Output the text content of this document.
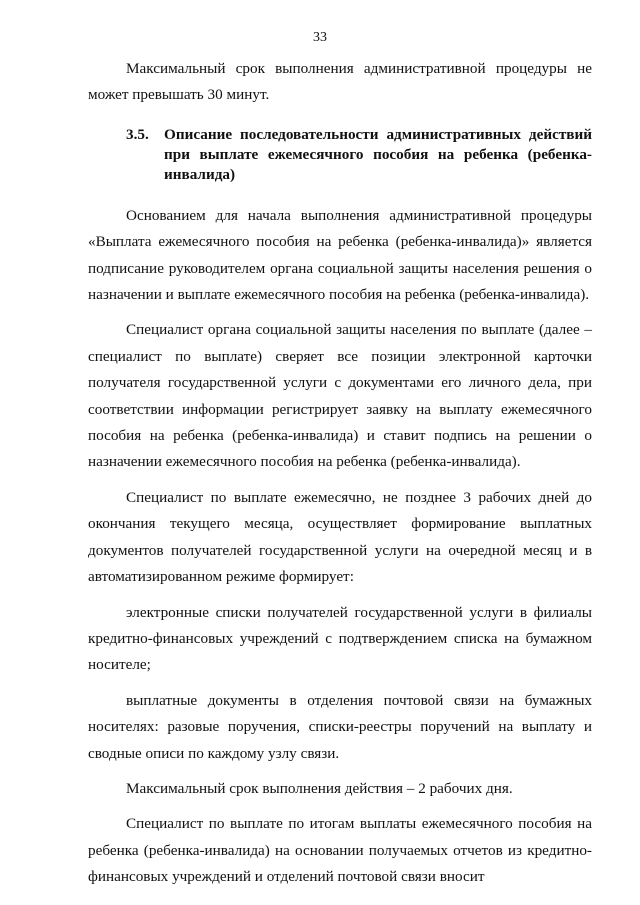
33

Максимальный срок выполнения административной процедуры не может превышать 30 минут.

3.5.	Описание последовательности административных действий при выплате ежемесячного пособия на ребенка (ребенка-инвалида)

Основанием для начала выполнения административной процедуры «Выплата ежемесячного пособия на ребенка (ребенка-инвалида)» является подписание руководителем органа социальной защиты населения решения о назначении и выплате ежемесячного пособия на ребенка (ребенка-инвалида).

Специалист органа социальной защиты населения по выплате (далее – специалист по выплате) сверяет все позиции электронной карточки получателя государственной услуги с документами его личного дела, при соответствии информации регистрирует заявку на выплату ежемесячного пособия на ребенка (ребенка-инвалида) и ставит подпись на решении о назначении ежемесячного пособия на ребенка (ребенка-инвалида).

Специалист по выплате ежемесячно, не позднее 3 рабочих дней до окончания текущего месяца, осуществляет формирование выплатных документов получателей государственной услуги на очередной месяц и в автоматизированном режиме формирует:

электронные списки получателей государственной услуги в филиалы кредитно-финансовых учреждений с подтверждением списка на бумажном носителе;

выплатные документы в отделения почтовой связи на бумажных носителях: разовые поручения, списки-реестры поручений на выплату и сводные описи по каждому узлу связи.

Максимальный срок выполнения действия – 2 рабочих дня.

Специалист по выплате по итогам выплаты ежемесячного пособия на ребенка (ребенка-инвалида) на основании получаемых отчетов из кредитно-финансовых учреждений и отделений почтовой связи вносит
